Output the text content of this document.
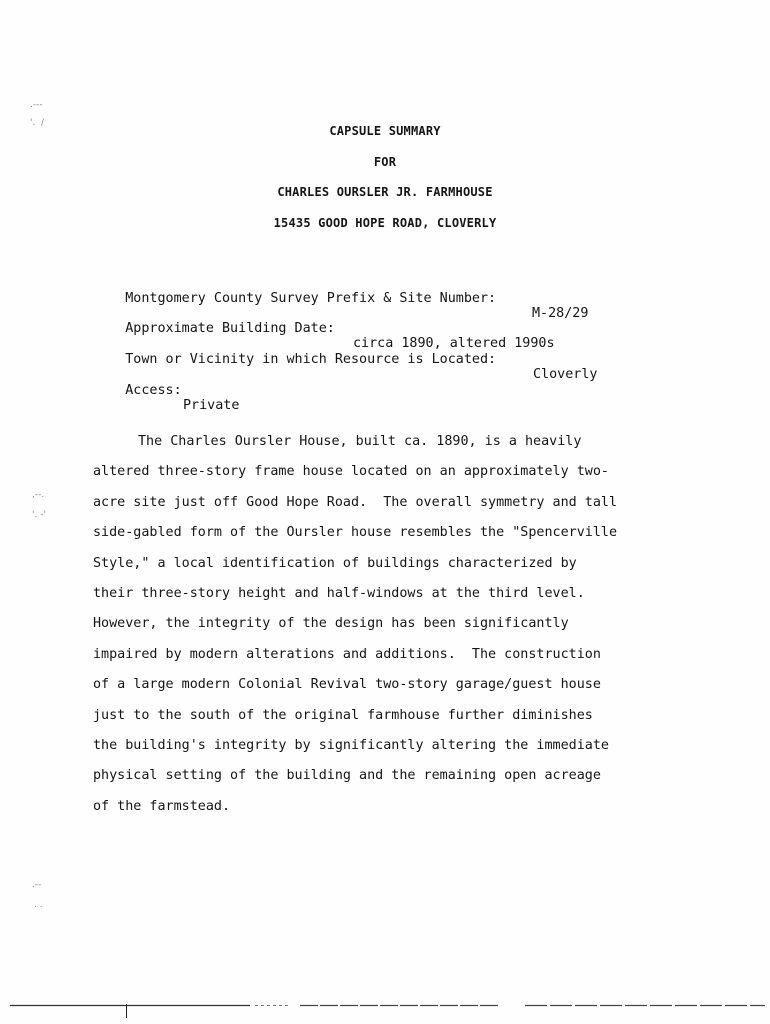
.-‑-
'.  /
,--.
'. -'
.--
. .
CAPSULE SUMMARY
FOR
CHARLES OURSLER JR. FARMHOUSE
15435 GOOD HOPE ROAD, CLOVERLY

Montgomery County Survey Prefix & Site Number:

M-28/29

Approximate Building Date:

circa 1890, altered 1990s

Town or Vicinity in which Resource is Located:

Cloverly

Access:

Private

The Charles Oursler House, built ca. 1890, is a heavily
altered three-story frame house located on an approximately two-
acre site just off Good Hope Road.  The overall symmetry and tall
side-gabled form of the Oursler house resembles the "Spencerville
Style," a local identification of buildings characterized by
their three-story height and half-windows at the third level.
However, the integrity of the design has been significantly
impaired by modern alterations and additions.  The construction
of a large modern Colonial Revival two-story garage/guest house
just to the south of the original farmhouse further diminishes
the building's integrity by significantly altering the immediate
physical setting of the building and the remaining open acreage
of the farmstead.
